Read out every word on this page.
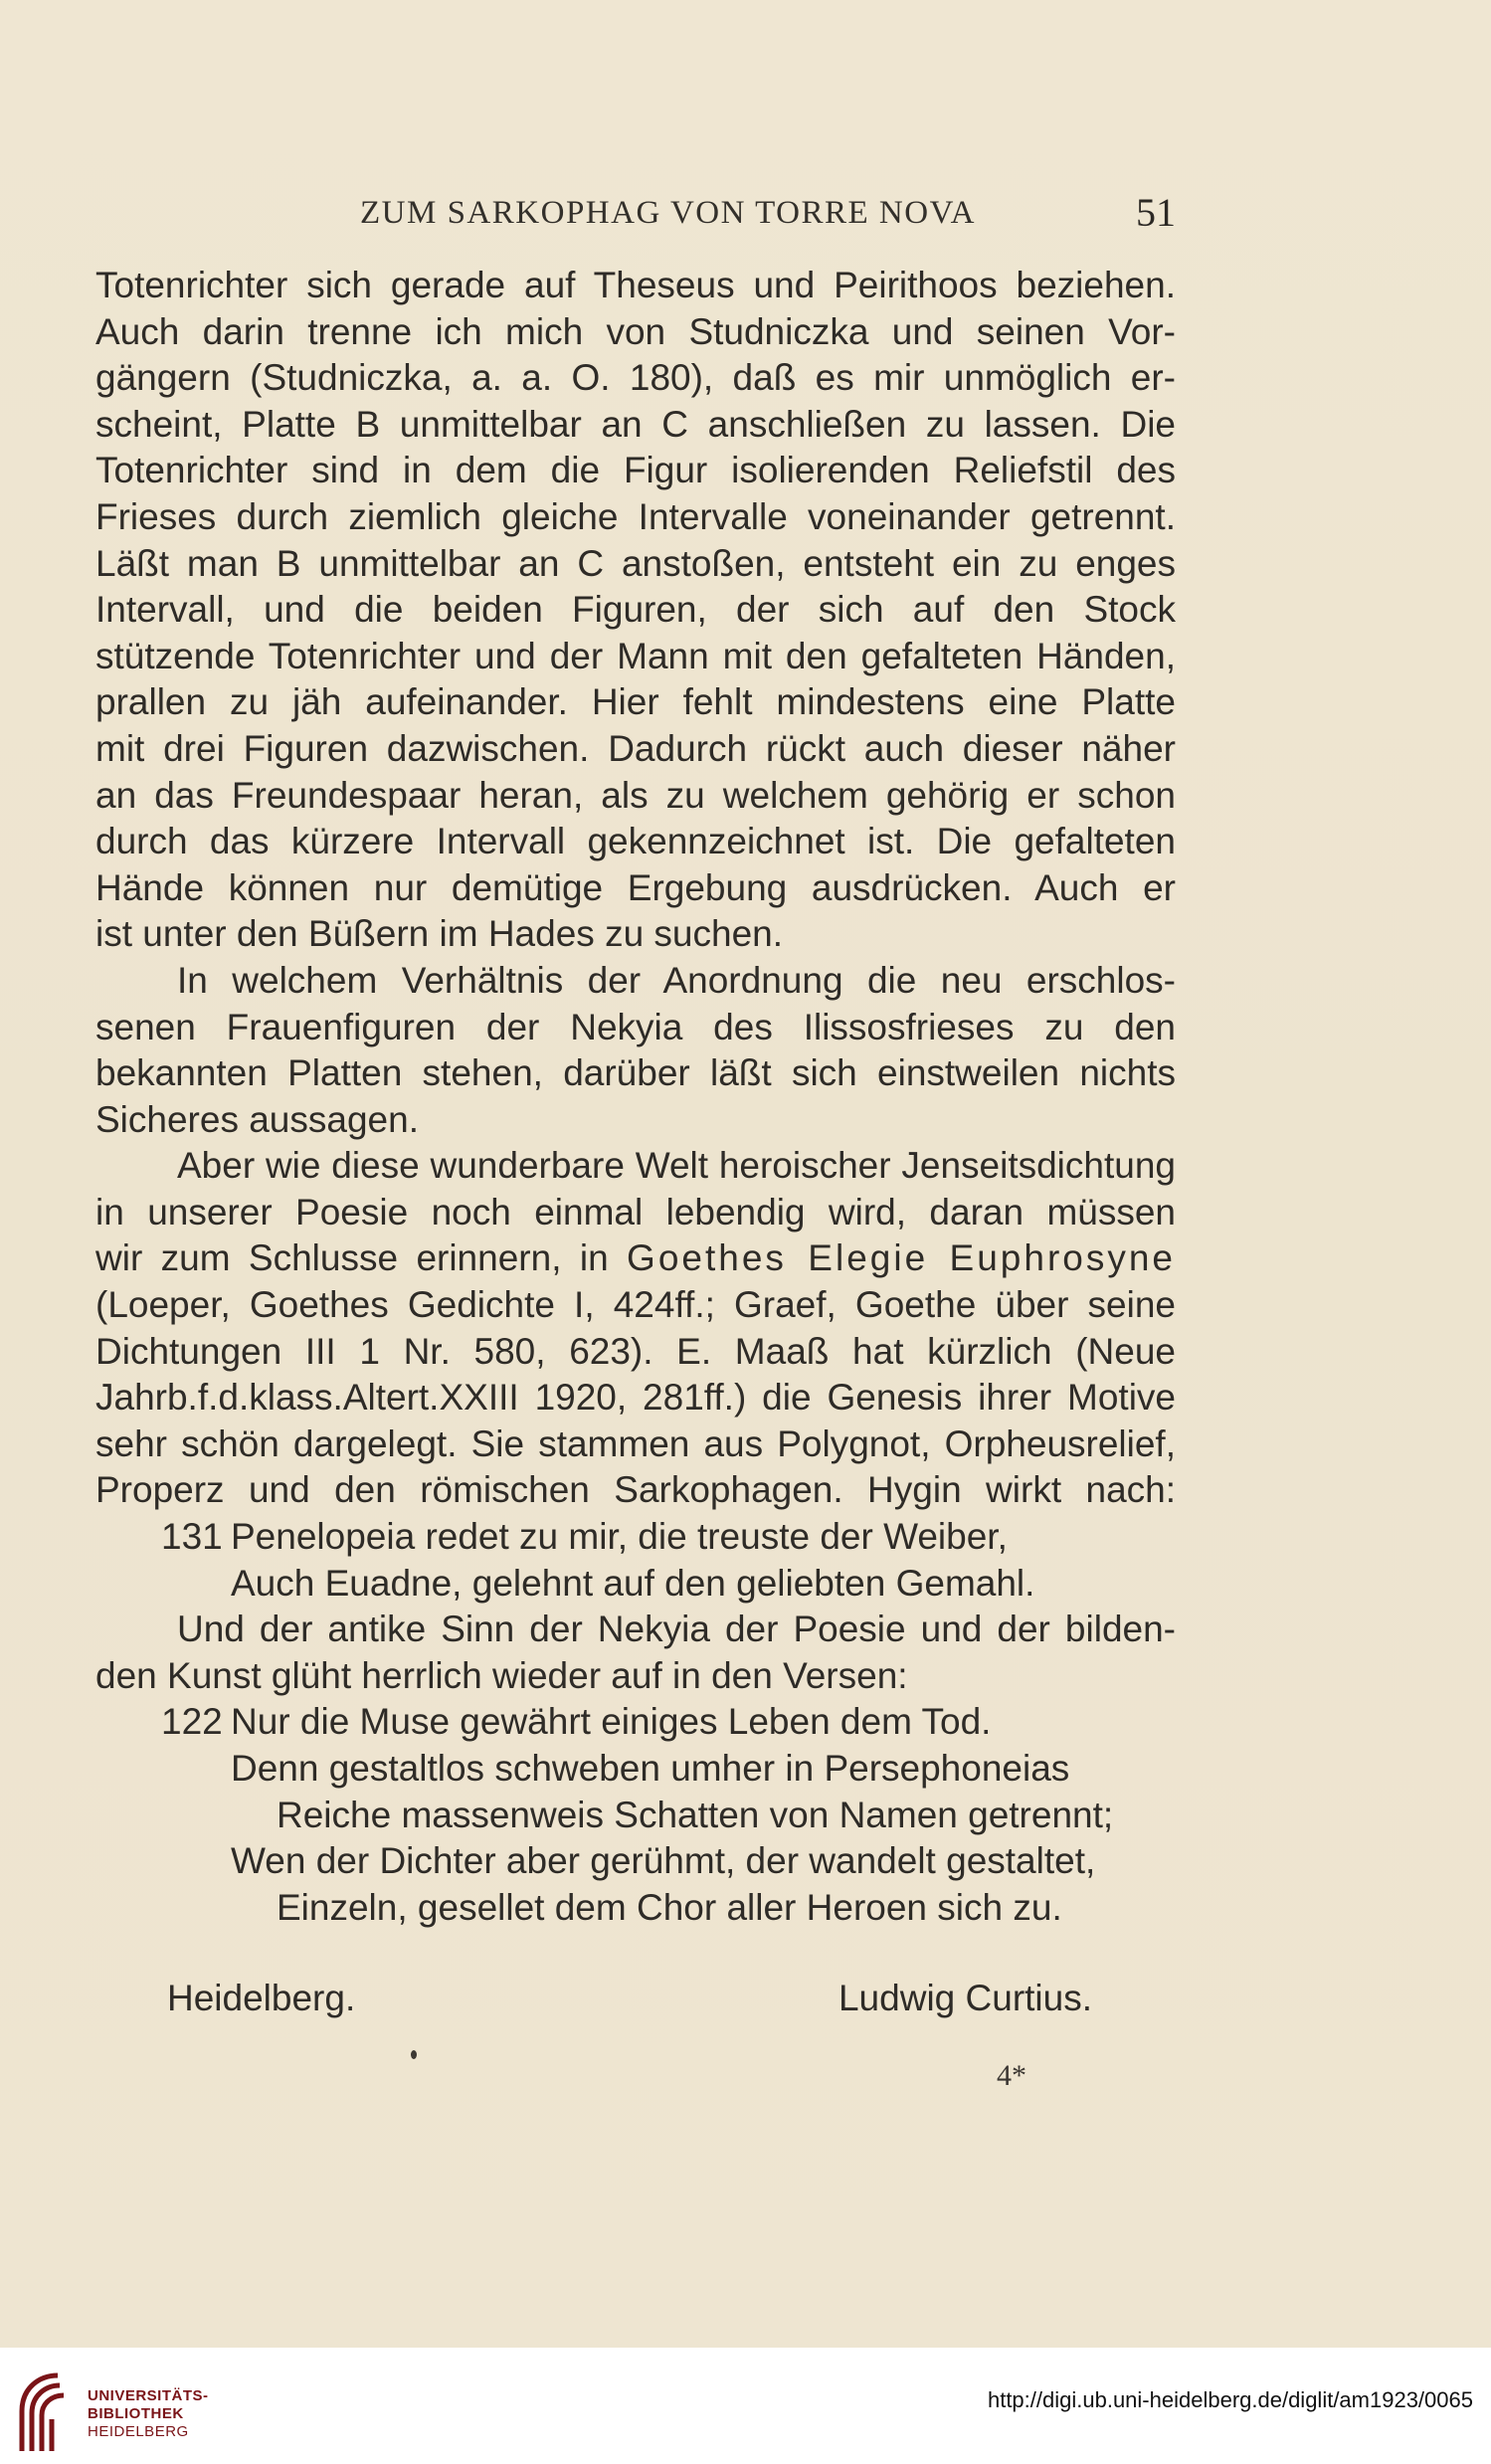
ZUM SARKOPHAG VON TORRE NOVA	51
Totenrichter sich gerade auf Theseus und Peirithoos beziehen.
Auch darin trenne ich mich von Studniczka und seinen Vor-
gängern (Studniczka, a. a. O. 180), daß es mir unmöglich er-
scheint, Platte B unmittelbar an C anschließen zu lassen. Die
Totenrichter sind in dem die Figur isolierenden Reliefstil des
Frieses durch ziemlich gleiche Intervalle voneinander getrennt.
Läßt man B unmittelbar an C anstoßen, entsteht ein zu enges
Intervall, und die beiden Figuren, der sich auf den Stock
stützende Totenrichter und der Mann mit den gefalteten Händen,
prallen zu jäh aufeinander. Hier fehlt mindestens eine Platte
mit drei Figuren dazwischen. Dadurch rückt auch dieser näher
an das Freundespaar heran, als zu welchem gehörig er schon
durch das kürzere Intervall gekennzeichnet ist. Die gefalteten
Hände können nur demütige Ergebung ausdrücken. Auch er
ist unter den Büßern im Hades zu suchen.
In welchem Verhältnis der Anordnung die neu erschlos-
senen Frauenfiguren der Nekyia des Ilissosfrieses zu den
bekannten Platten stehen, darüber läßt sich einstweilen nichts
Sicheres aussagen.
Aber wie diese wunderbare Welt heroischer Jenseitsdichtung
in unserer Poesie noch einmal lebendig wird, daran müssen
wir zum Schlusse erinnern, in Goethes Elegie Euphrosyne
(Loeper, Goethes Gedichte I, 424ff.; Graef, Goethe über seine
Dichtungen III 1 Nr. 580, 623). E. Maaß hat kürzlich (Neue
Jahrb.f.d.klass.Altert.XXIII 1920, 281ff.) die Genesis ihrer Motive
sehr schön dargelegt. Sie stammen aus Polygnot, Orpheusrelief,
Properz und den römischen Sarkophagen. Hygin wirkt nach:
131 Penelopeia redet zu mir, die treuste der Weiber,
Auch Euadne, gelehnt auf den geliebten Gemahl.
Und der antike Sinn der Nekyia der Poesie und der bilden-
den Kunst glüht herrlich wieder auf in den Versen:
122 Nur die Muse gewährt einiges Leben dem Tod.
Denn gestaltlos schweben umher in Persephoneias
Reiche massenweis Schatten von Namen getrennt;
Wen der Dichter aber gerühmt, der wandelt gestaltet,
Einzeln, gesellet dem Chor aller Heroen sich zu.
Heidelberg.	Ludwig Curtius.
4*
UNIVERSITÄTS-
BIBLIOTHEK
HEIDELBERG
http://digi.ub.uni-heidelberg.de/diglit/am1923/0065
